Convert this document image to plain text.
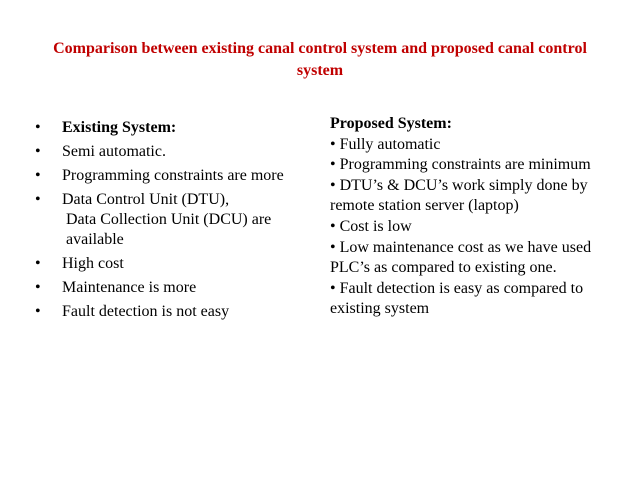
Comparison between existing canal control system and proposed canal control system
• Existing System:
• Semi automatic.
• Programming constraints are more
• Data Control Unit (DTU),
Data Collection Unit (DCU) are available
• High cost
• Maintenance is more
• Fault detection is not easy
Proposed System:
• Fully automatic
• Programming constraints are minimum
• DTU’s & DCU’s work simply done by remote station server (laptop)
• Cost is low
• Low maintenance cost as we have used PLC’s as compared to existing one.
• Fault detection is easy as compared to existing system
